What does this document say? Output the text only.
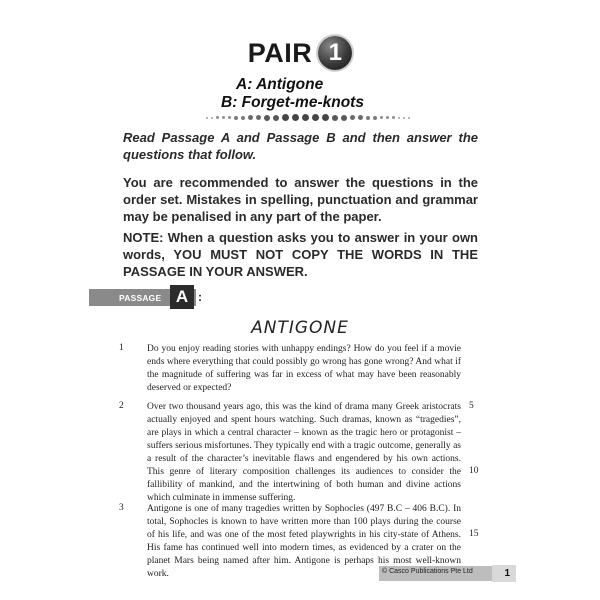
PAIR 1
A: Antigone
B: Forget-me-knots

Read Passage A and Passage B and then answer the questions that follow.

You are recommended to answer the questions in the order set. Mistakes in spelling, punctuation and grammar may be penalised in any part of the paper.

NOTE: When a question asks you to answer in your own words, YOU MUST NOT COPY THE WORDS IN THE PASSAGE IN YOUR ANSWER.

PASSAGE A :
ANTIGONE
1 Do you enjoy reading stories with unhappy endings? How do you feel if a movie ends where everything that could possibly go wrong has gone wrong? And what if the magnitude of suffering was far in excess of what may have been reasonably deserved or expected?

2 Over two thousand years ago, this was the kind of drama many Greek aristocrats actually enjoyed and spent hours watching. Such dramas, known as “tragedies”, are plays in which a central character – known as the tragic hero or protagonist – suffers serious misfortunes. They typically end with a tragic outcome, generally as a result of the character’s inevitable flaws and engendered by his own actions. This genre of literary composition challenges its audiences to consider the fallibility of mankind, and the intertwining of both human and divine actions which culminate in immense suffering.

3 Antigone is one of many tragedies written by Sophocles (497 B.C – 406 B.C). In total, Sophocles is known to have written more than 100 plays during the course of his life, and was one of the most feted playwrights in his city-state of Athens. His fame has continued well into modern times, as evidenced by a crater on the planet Mars being named after him. Antigone is perhaps his most well-known work.

5
10
15
© Casco Publications Pte Ltd	1
